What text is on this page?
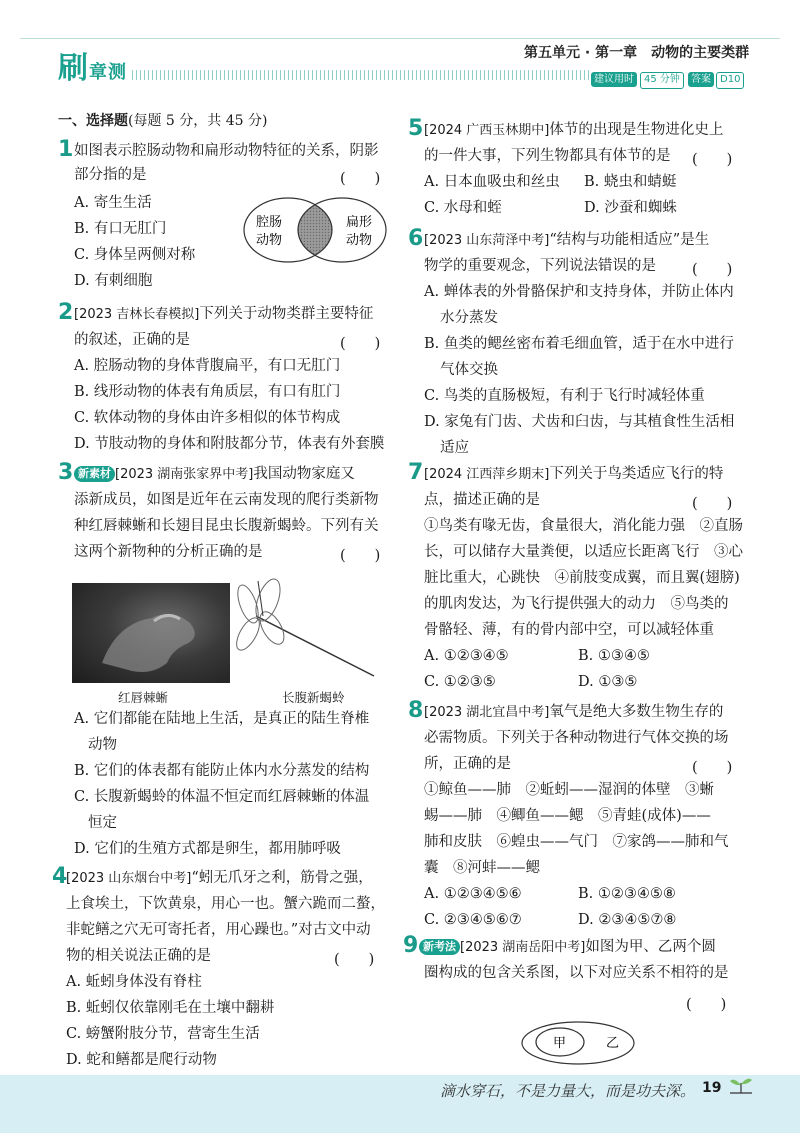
刷章测
第五单元 · 第一章　动物的主要类群
建议用时	45 分钟	答案 D10
一、选择题(每题 5 分，共 45 分)
1 如图表示腔肠动物和扁形动物特征的关系，阴影
部分指的是	(　　)
A. 寄生生活
B. 有口无肛门
C. 身体呈两侧对称
D. 有刺细胞
腔肠
动物
扁形
动物
2 [2023 吉林长春模拟]下列关于动物类群主要特征
的叙述，正确的是	(　　)
A. 腔肠动物的身体背腹扁平，有口无肛门
B. 线形动物的体表有角质层，有口有肛门
C. 软体动物的身体由许多相似的体节构成
D. 节肢动物的身体和附肢都分节，体表有外套膜
3 新素材 [2023 湖南张家界中考]我国动物家庭又
添新成员，如图是近年在云南发现的爬行类新物
种红唇棘蜥和长翅目昆虫长腹新蝎蛉。下列有关
这两个新物种的分析正确的是	(　　)
红唇棘蜥	长腹新蝎蛉
A. 它们都能在陆地上生活，是真正的陆生脊椎
动物
B. 它们的体表都有能防止体内水分蒸发的结构
C. 长腹新蝎蛉的体温不恒定而红唇棘蜥的体温
恒定
D. 它们的生殖方式都是卵生，都用肺呼吸
4
[2023 山东烟台中考]“蚓无爪牙之利，筋骨之强，
上食埃土，下饮黄泉，用心一也。蟹六跪而二螯，
非蛇鳝之穴无可寄托者，用心躁也。”对古文中动
物的相关说法正确的是	(　　)
A. 蚯蚓身体没有脊柱
B. 蚯蚓仅依靠刚毛在土壤中翻耕
C. 螃蟹附肢分节，营寄生生活
D. 蛇和鳝都是爬行动物
5 [2024 广西玉林期中]体节的出现是生物进化史上
的一件大事，下列生物都具有体节的是 (　　)
A. 日本血吸虫和丝虫 B. 蛲虫和蜻蜓
C. 水母和蛭	D. 沙蚕和蜘蛛
6 [2023 山东菏泽中考]“结构与功能相适应”是生
物学的重要观念，下列说法错误的是 (　　)
A. 蝉体表的外骨骼保护和支持身体，并防止体内
水分蒸发
B. 鱼类的鳃丝密布着毛细血管，适于在水中进行
气体交换
C. 鸟类的直肠极短，有利于飞行时减轻体重
D. 家兔有门齿、犬齿和臼齿，与其植食性生活相
适应
7 [2024 江西萍乡期末]下列关于鸟类适应飞行的特
点，描述正确的是	(　　)
①鸟类有喙无齿，食量很大，消化能力强　②直肠
长，可以储存大量粪便，以适应长距离飞行　③心
脏比重大，心跳快　④前肢变成翼，而且翼(翅膀)
的肌肉发达，为飞行提供强大的动力　⑤鸟类的
骨骼轻、薄，有的骨内部中空，可以减轻体重
A. ①②③④⑤	B. ①③④⑤
C. ①②③⑤	D. ①③⑤
8 [2023 湖北宜昌中考]氧气是绝大多数生物生存的
必需物质。下列关于各种动物进行气体交换的场
所，正确的是	(　　)
①鲸鱼——肺　②蚯蚓——湿润的体壁　③蜥
蜴——肺　④鲫鱼——鳃　⑤青蛙(成体)——
肺和皮肤　⑥蝗虫——气门　⑦家鸽——肺和气
囊　⑧河蚌——鳃
A. ①②③④⑤⑥	B. ①②③④⑤⑧
C. ②③④⑤⑥⑦	D. ②③④⑤⑦⑧
9 新考法 [2023 湖南岳阳中考]如图为甲、乙两个圆
圈构成的包含关系图，以下对应关系不相符的是
(　　)
甲	乙
滴水穿石，不是力量大，而是功夫深。 19
